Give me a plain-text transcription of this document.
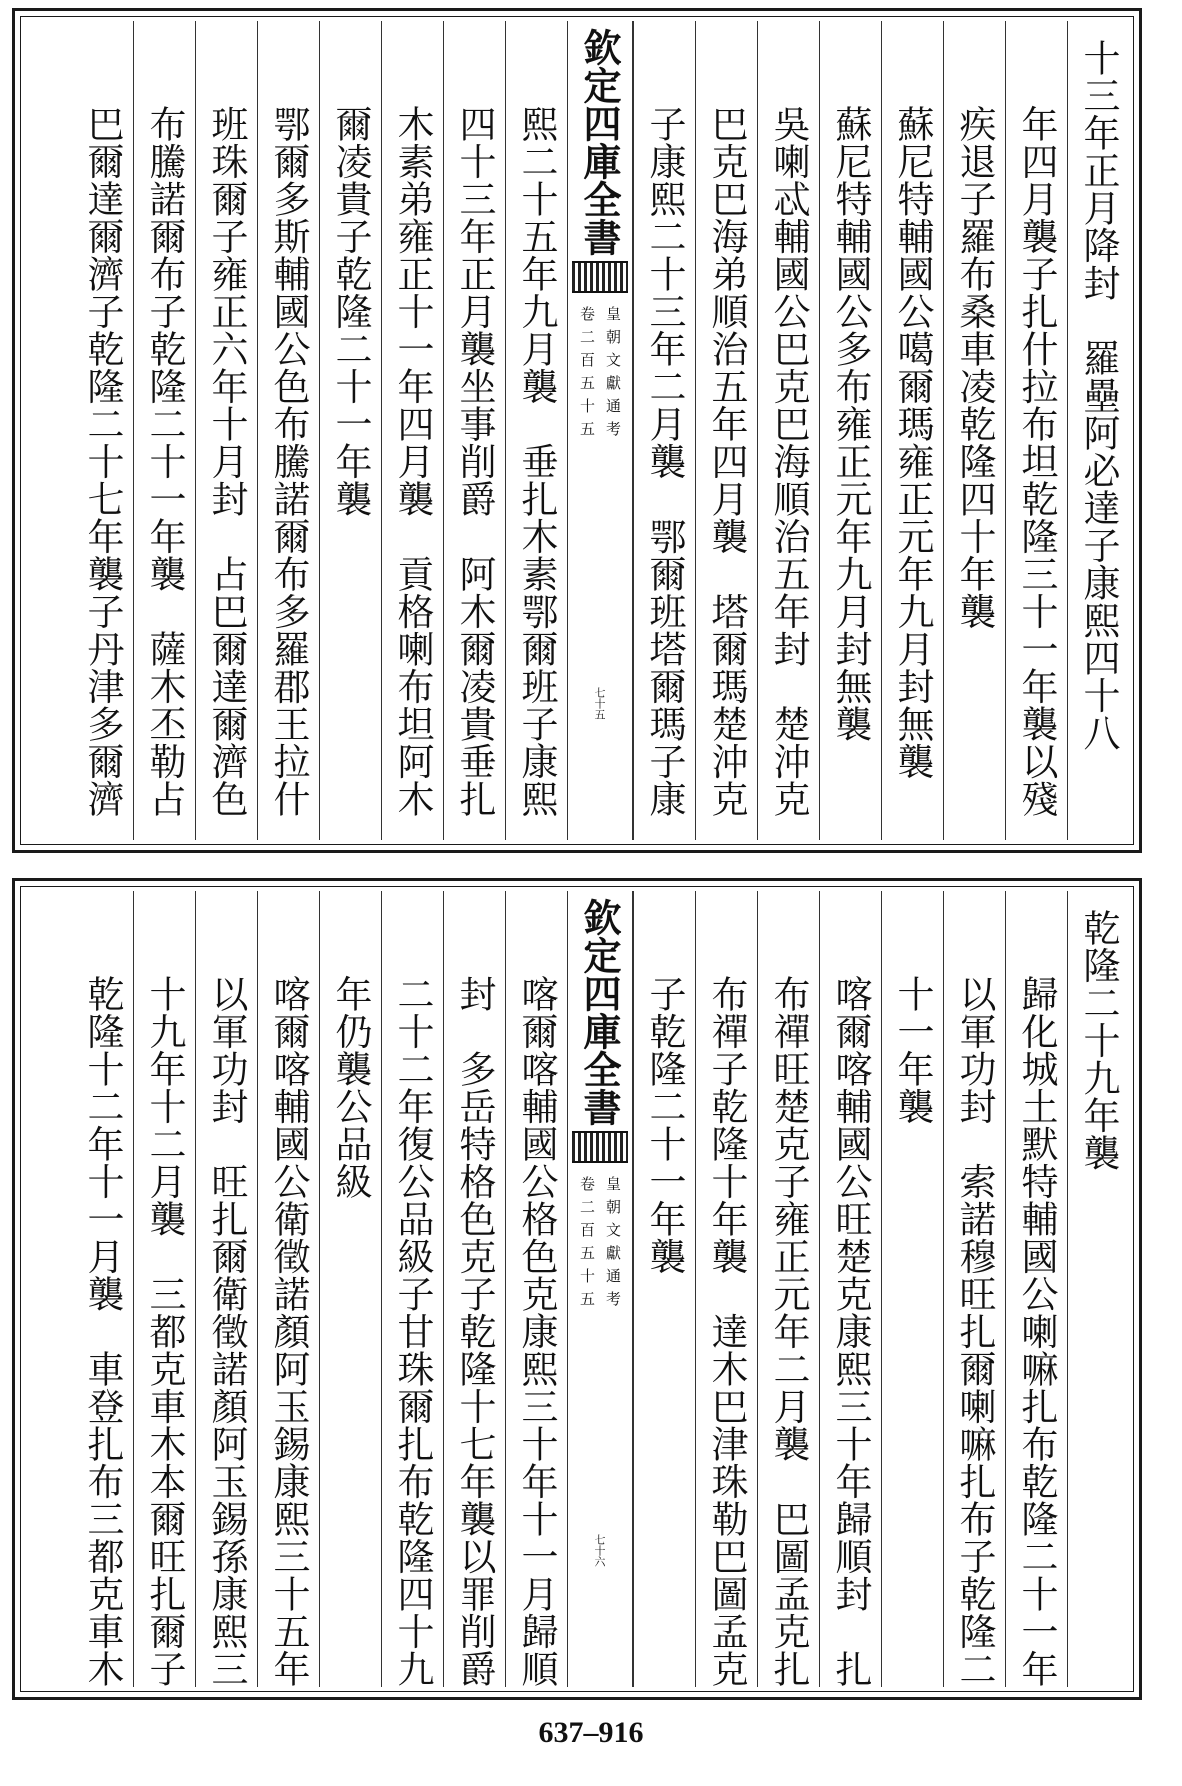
十三年正月降封　羅壘阿必達子康熙四十八
年四月襲子扎什拉布坦乾隆三十一年襲以殘
疾退子羅布桑車凌乾隆四十年襲
蘇尼特輔國公噶爾瑪雍正元年九月封無襲
蘇尼特輔國公多布雍正元年九月封無襲
吳喇忒輔國公巴克巴海順治五年封　楚沖克
巴克巴海弟順治五年四月襲　塔爾瑪楚沖克
子康熙二十三年二月襲　鄂爾班塔爾瑪子康
欽定四庫全書
皇朝文獻通考
卷二百五十五
七十五
熙二十五年九月襲　垂扎木素鄂爾班子康熙
四十三年正月襲坐事削爵　阿木爾凌貴垂扎
木素弟雍正十一年四月襲　貢格喇布坦阿木
爾凌貴子乾隆二十一年襲
鄂爾多斯輔國公色布騰諾爾布多羅郡王拉什
班珠爾子雍正六年十月封　占巴爾達爾濟色
布騰諾爾布子乾隆二十一年襲　薩木丕勒占
巴爾達爾濟子乾隆二十七年襲子丹津多爾濟
乾隆二十九年襲
歸化城土默特輔國公喇嘛扎布乾隆二十一年
以軍功封　索諾穆旺扎爾喇嘛扎布子乾隆二
十一年襲
喀爾喀輔國公旺楚克康熙三十年歸順封　扎
布禪旺楚克子雍正元年二月襲　巴圖孟克扎
布禪子乾隆十年襲　達木巴津珠勒巴圖孟克
子乾隆二十一年襲
欽定四庫全書
皇朝文獻通考
卷二百五十五
七十六
喀爾喀輔國公格色克康熙三十年十一月歸順
封　多岳特格色克子乾隆十七年襲以罪削爵
二十二年復公品級子甘珠爾扎布乾隆四十九
年仍襲公品級
喀爾喀輔國公衛徵諾顏阿玉錫康熙三十五年
以軍功封　旺扎爾衛徵諾顏阿玉錫孫康熙三
十九年十二月襲　三都克車木本爾旺扎爾子
乾隆十二年十一月襲　車登扎布三都克車木
637–916
